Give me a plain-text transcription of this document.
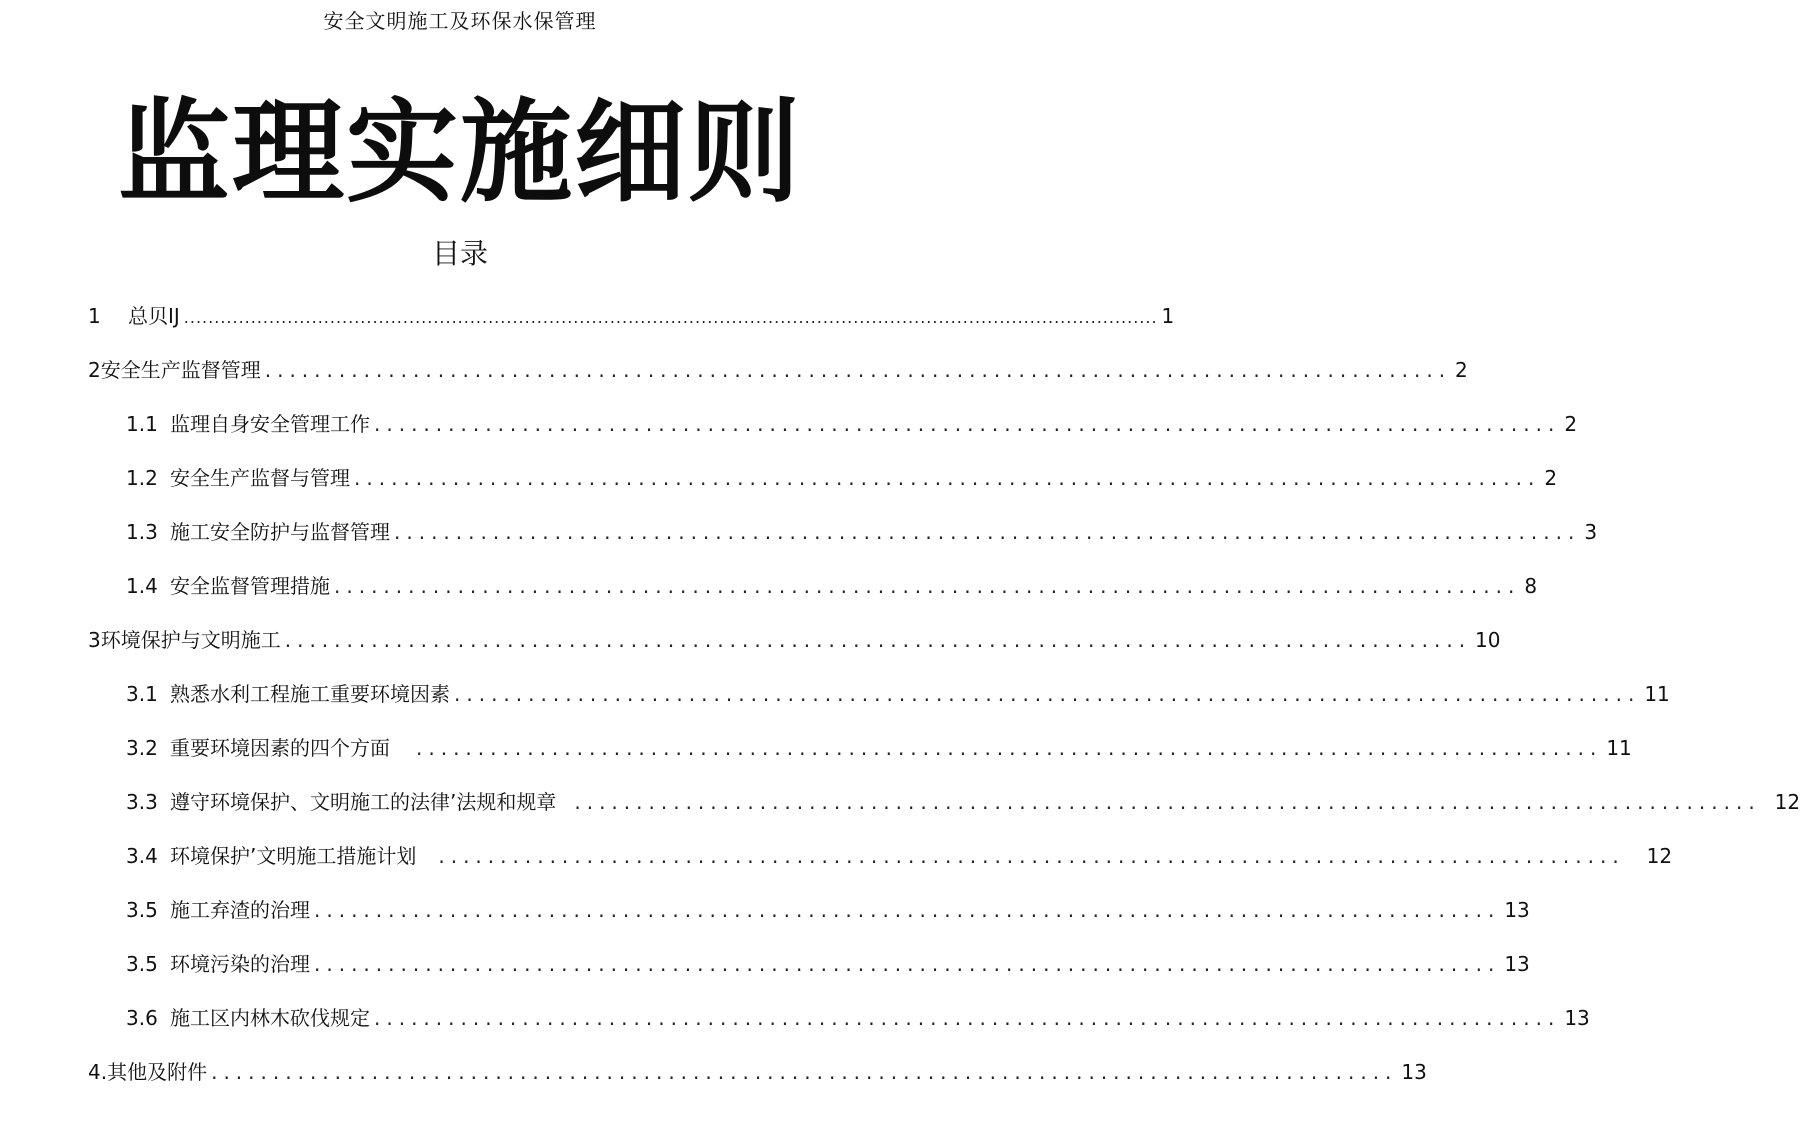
安全文明施工及环保水保管理
监理实施细则
目录
1	总贝IJ ................................................................................................................................................................ 1
2安全生产监督管理 ................................................................................................ 2
1.1 监理自身安全管理工作 ................................................................................................ 2
1.2 安全生产监督与管理 ................................................................................................ 2
1.3 施工安全防护与监督管理 ................................................................................................ 3
1.4 安全监督管理措施 ................................................................................................ 8
3环境保护与文明施工 ................................................................................................ 10
3.1 熟悉水利工程施工重要环境因素 ................................................................................................ 11
3.2 重要环境因素的四个方面 ................................................................................................ 11
3.3 遵守环境保护、文明施工的法律’法规和规章 ................................................................................................ 12
3.4 环境保护’文明施工措施计划 ................................................................................................ 12
3.5 施工弃渣的治理 ................................................................................................ 13
3.5 环境污染的治理 ................................................................................................ 13
3.6 施工区内林木砍伐规定 ................................................................................................ 13
4.其他及附件 ................................................................................................ 13
